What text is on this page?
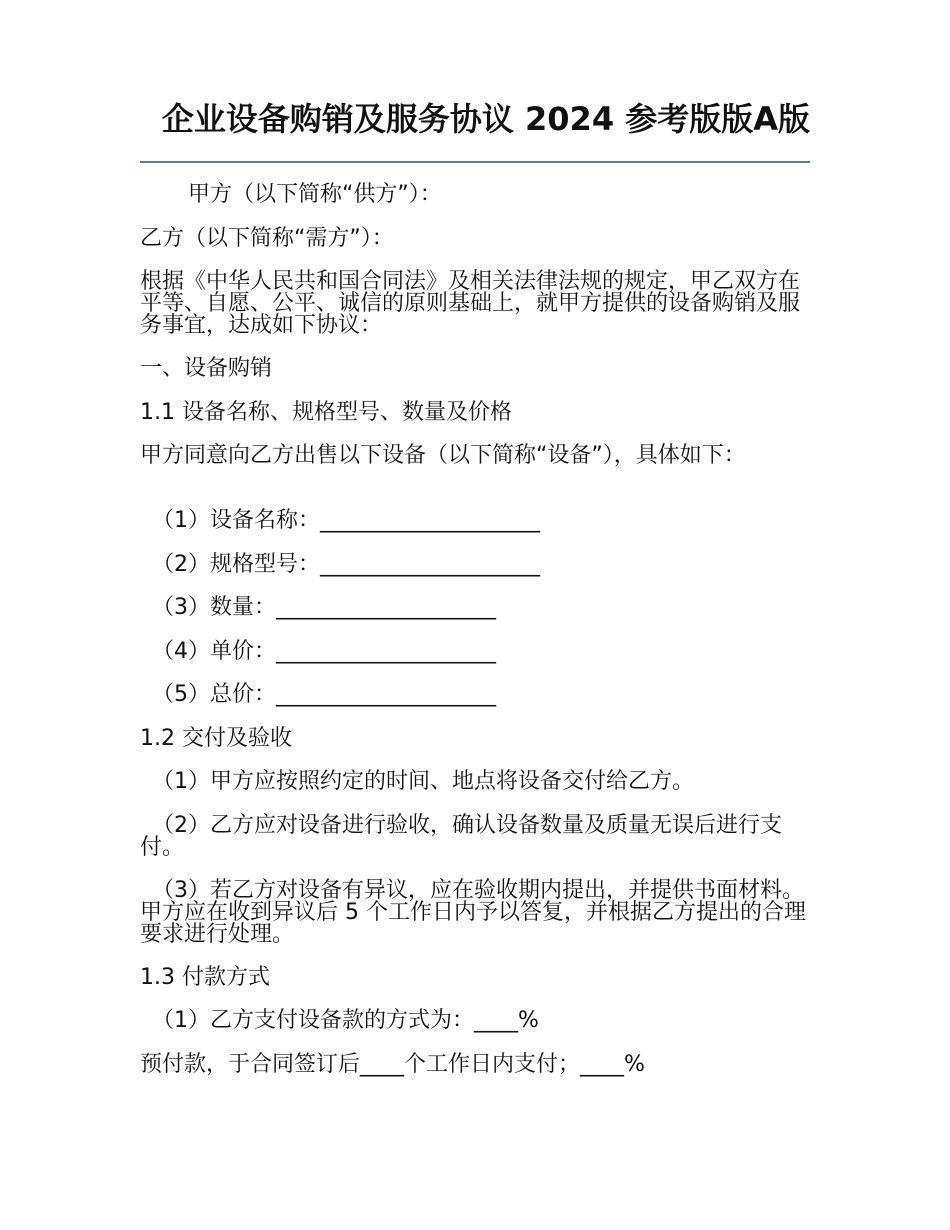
企业设备购销及服务协议 2024 参考版版A版
甲方（以下简称“供方”）：
乙方（以下简称“需方”）：
根据《中华人民共和国合同法》及相关法律法规的规定，甲乙双方在平等、自愿、公平、诚信的原则基础上，就甲方提供的设备购销及服务事宜，达成如下协议：
一、设备购销
1.1 设备名称、规格型号、数量及价格
甲方同意向乙方出售以下设备（以下简称“设备”），具体如下：
（1）设备名称：____________________
（2）规格型号：____________________
（3）数量：____________________
（4）单价：____________________
（5）总价：____________________
1.2 交付及验收
（1）甲方应按照约定的时间、地点将设备交付给乙方。
（2）乙方应对设备进行验收，确认设备数量及质量无误后进行支付。
（3）若乙方对设备有异议，应在验收期内提出，并提供书面材料。甲方应在收到异议后 5 个工作日内予以答复，并根据乙方提出的合理要求进行处理。
1.3 付款方式
（1）乙方支付设备款的方式为：____%
预付款，于合同签订后____个工作日内支付；____%
